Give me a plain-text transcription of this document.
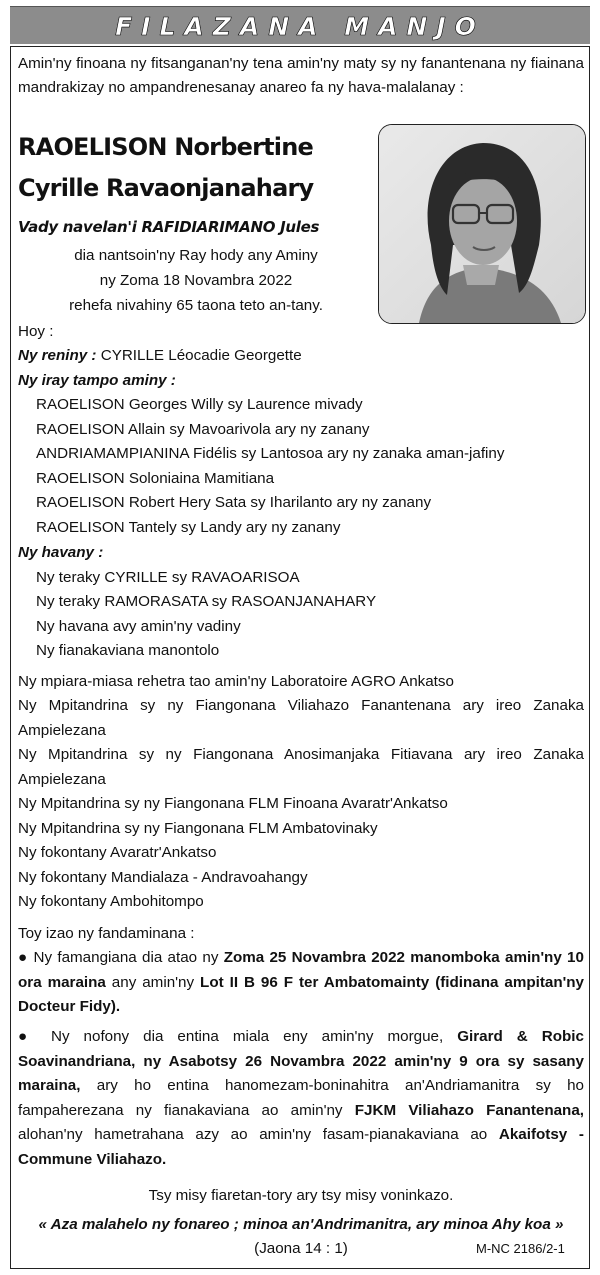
FILAZANA MANJO
Amin'ny finoana ny fitsanganan'ny tena amin'ny maty sy ny fanantenana ny fiainana mandrakizay no ampandrenesanay anareo fa ny hava-malalanay :
RAOELISON Norbertine
Cyrille Ravaonjanahary
Vady navelan'i RAFIDIARIMANO Jules
dia nantsoin'ny Ray hody any Aminy
ny Zoma 18 Novambra 2022
rehefa nivahiny 65 taona teto an-tany.
Hoy :
Ny reniny : CYRILLE Léocadie Georgette
Ny iray tampo aminy :
RAOELISON Georges Willy sy Laurence mivady
RAOELISON Allain sy Mavoarivola ary ny zanany
ANDRIAMAMPIANINA Fidélis sy Lantosoa ary ny zanaka aman-jafiny
RAOELISON Soloniaina Mamitiana
RAOELISON Robert Hery Sata sy Iharilanto ary ny zanany
RAOELISON Tantely sy Landy ary ny zanany
Ny havany :
Ny teraky CYRILLE sy RAVAOARISOA
Ny teraky RAMORASATA sy RASOANJANAHARY
Ny havana avy amin'ny vadiny
Ny fianakaviana manontolo
Ny mpiara-miasa rehetra tao amin'ny Laboratoire AGRO Ankatso
Ny Mpitandrina sy ny Fiangonana Viliahazo Fanantenana ary ireo Zanaka Ampielezana
Ny Mpitandrina sy ny Fiangonana Anosimanjaka Fitiavana ary ireo Zanaka Ampielezana
Ny Mpitandrina sy ny Fiangonana FLM Finoana Avaratr'Ankatso
Ny Mpitandrina sy ny Fiangonana FLM Ambatovinaky
Ny fokontany Avaratr'Ankatso
Ny fokontany Mandialaza - Andravoahangy
Ny fokontany Ambohitompo
Toy izao ny fandaminana :
● Ny famangiana dia atao ny Zoma 25 Novambra 2022 manomboka amin'ny 10 ora maraina any amin'ny Lot II B 96 F ter Ambatomainty (fidinana ampitan'ny Docteur Fidy).
● Ny nofony dia entina miala eny amin'ny morgue, Girard & Robic Soavinandriana, ny Asabotsy 26 Novambra 2022 amin'ny 9 ora sy sasany maraina, ary ho entina hanomezam-boninahitra an'Andriamanitra sy ho fampaherezana ny fianakaviana ao amin'ny FJKM Viliahazo Fanantenana, alohan'ny hametrahana azy ao amin'ny fasam-pianakaviana ao Akaifotsy - Commune Viliahazo.
Tsy misy fiaretan-tory ary tsy misy voninkazo.
« Aza malahelo ny fonareo ; minoa an'Andrimanitra, ary minoa Ahy koa »
(Jaona 14 : 1)	M-NC 2186/2-1
